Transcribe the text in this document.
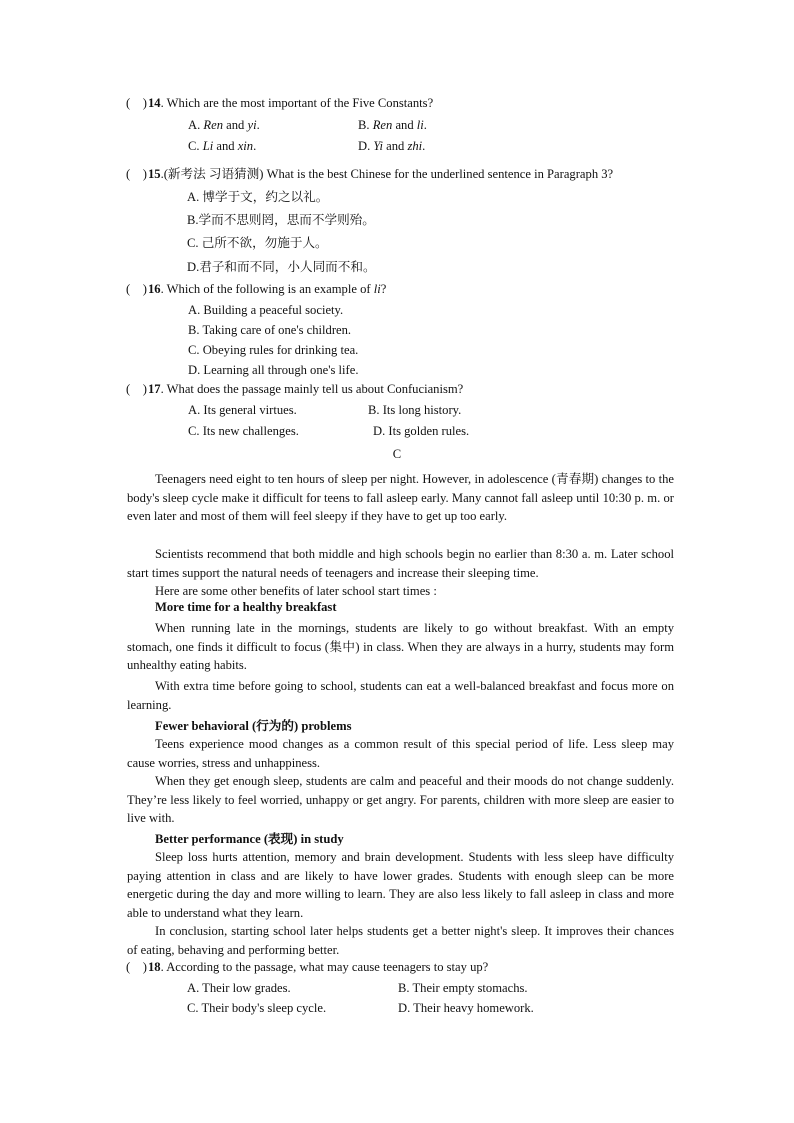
( )14. Which are the most important of the Five Constants?
A. Ren and yi.	B. Ren and li.
C. Li and xin.	D. Yi and zhi.
( )15.(新考法 习语猜测) What is the best Chinese for the underlined sentence in Paragraph 3?
A. 博学于文，约之以礼。
B.学而不思则罔，思而不学则殆。
C. 己所不欲，勿施于人。
D.君子和而不同，小人同而不和。
( )16. Which of the following is an example of li?
A. Building a peaceful society.
B. Taking care of one's children.
C. Obeying rules for drinking tea.
D. Learning all through one's life.
( )17. What does the passage mainly tell us about Confucianism?
A. Its general virtues.	B. Its long history.
C. Its new challenges.	D. Its golden rules.
C
Teenagers need eight to ten hours of sleep per night. However, in adolescence (青春期) changes to the body's sleep cycle make it difficult for teens to fall asleep early. Many cannot fall asleep until 10:30 p. m. or even later and most of them will feel sleepy if they have to get up too early.
Scientists recommend that both middle and high schools begin no earlier than 8:30 a. m. Later school start times support the natural needs of teenagers and increase their sleeping time.
Here are some other benefits of later school start times :
More time for a healthy breakfast
When running late in the mornings, students are likely to go without breakfast. With an empty stomach, one finds it difficult to focus (集中) in class. When they are always in a hurry, students may form unhealthy eating habits.
With extra time before going to school, students can eat a well-balanced breakfast and focus more on learning.
Fewer behavioral (行为的) problems
Teens experience mood changes as a common result of this special period of life. Less sleep may cause worries, stress and unhappiness.
When they get enough sleep, students are calm and peaceful and their moods do not change suddenly. They’re less likely to feel worried, unhappy or get angry. For parents, children with more sleep are easier to live with.
Better performance (表现) in study
Sleep loss hurts attention, memory and brain development. Students with less sleep have difficulty paying attention in class and are likely to have lower grades. Students with enough sleep can be more energetic during the day and more willing to learn. They are also less likely to fall asleep in class and more able to understand what they learn.
In conclusion, starting school later helps students get a better night's sleep. It improves their chances of eating, behaving and performing better.
( )18. According to the passage, what may cause teenagers to stay up?
A. Their low grades.	B. Their empty stomachs.
C. Their body's sleep cycle.	D. Their heavy homework.
